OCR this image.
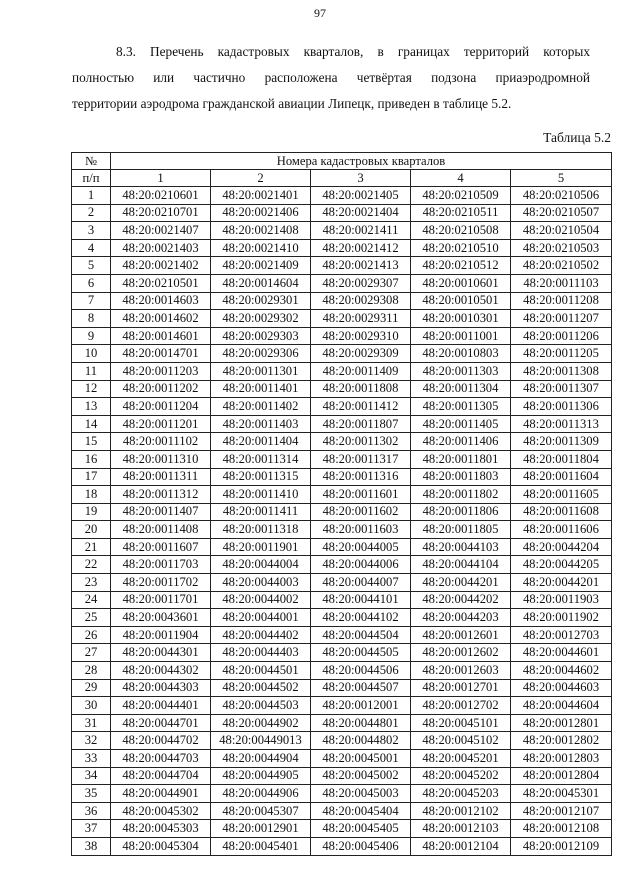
97
8.3. Перечень кадастровых кварталов, в границах территорий которых
полностью или частично расположена четвёртая подзона приаэродромной
территории аэродрома гражданской авиации Липецк, приведен в таблице 5.2.
Таблица 5.2
№	Номера кадастровых кварталов				
п/п	1	2	3	4	5
1	48:20:0210601	48:20:0021401	48:20:0021405	48:20:0210509	48:20:0210506
2	48:20:0210701	48:20:0021406	48:20:0021404	48:20:0210511	48:20:0210507
3	48:20:0021407	48:20:0021408	48:20:0021411	48:20:0210508	48:20:0210504
4	48:20:0021403	48:20:0021410	48:20:0021412	48:20:0210510	48:20:0210503
5	48:20:0021402	48:20:0021409	48:20:0021413	48:20:0210512	48:20:0210502
6	48:20:0210501	48:20:0014604	48:20:0029307	48:20:0010601	48:20:0011103
7	48:20:0014603	48:20:0029301	48:20:0029308	48:20:0010501	48:20:0011208
8	48:20:0014602	48:20:0029302	48:20:0029311	48:20:0010301	48:20:0011207
9	48:20:0014601	48:20:0029303	48:20:0029310	48:20:0011001	48:20:0011206
10	48:20:0014701	48:20:0029306	48:20:0029309	48:20:0010803	48:20:0011205
11	48:20:0011203	48:20:0011301	48:20:0011409	48:20:0011303	48:20:0011308
12	48:20:0011202	48:20:0011401	48:20:0011808	48:20:0011304	48:20:0011307
13	48:20:0011204	48:20:0011402	48:20:0011412	48:20:0011305	48:20:0011306
14	48:20:0011201	48:20:0011403	48:20:0011807	48:20:0011405	48:20:0011313
15	48:20:0011102	48:20:0011404	48:20:0011302	48:20:0011406	48:20:0011309
16	48:20:0011310	48:20:0011314	48:20:0011317	48:20:0011801	48:20:0011804
17	48:20:0011311	48:20:0011315	48:20:0011316	48:20:0011803	48:20:0011604
18	48:20:0011312	48:20:0011410	48:20:0011601	48:20:0011802	48:20:0011605
19	48:20:0011407	48:20:0011411	48:20:0011602	48:20:0011806	48:20:0011608
20	48:20:0011408	48:20:0011318	48:20:0011603	48:20:0011805	48:20:0011606
21	48:20:0011607	48:20:0011901	48:20:0044005	48:20:0044103	48:20:0044204
22	48:20:0011703	48:20:0044004	48:20:0044006	48:20:0044104	48:20:0044205
23	48:20:0011702	48:20:0044003	48:20:0044007	48:20:0044201	48:20:0044201
24	48:20:0011701	48:20:0044002	48:20:0044101	48:20:0044202	48:20:0011903
25	48:20:0043601	48:20:0044001	48:20:0044102	48:20:0044203	48:20:0011902
26	48:20:0011904	48:20:0044402	48:20:0044504	48:20:0012601	48:20:0012703
27	48:20:0044301	48:20:0044403	48:20:0044505	48:20:0012602	48:20:0044601
28	48:20:0044302	48:20:0044501	48:20:0044506	48:20:0012603	48:20:0044602
29	48:20:0044303	48:20:0044502	48:20:0044507	48:20:0012701	48:20:0044603
30	48:20:0044401	48:20:0044503	48:20:0012001	48:20:0012702	48:20:0044604
31	48:20:0044701	48:20:0044902	48:20:0044801	48:20:0045101	48:20:0012801
32	48:20:0044702	48:20:00449013	48:20:0044802	48:20:0045102	48:20:0012802
33	48:20:0044703	48:20:0044904	48:20:0045001	48:20:0045201	48:20:0012803
34	48:20:0044704	48:20:0044905	48:20:0045002	48:20:0045202	48:20:0012804
35	48:20:0044901	48:20:0044906	48:20:0045003	48:20:0045203	48:20:0045301
36	48:20:0045302	48:20:0045307	48:20:0045404	48:20:0012102	48:20:0012107
37	48:20:0045303	48:20:0012901	48:20:0045405	48:20:0012103	48:20:0012108
38	48:20:0045304	48:20:0045401	48:20:0045406	48:20:0012104	48:20:0012109
